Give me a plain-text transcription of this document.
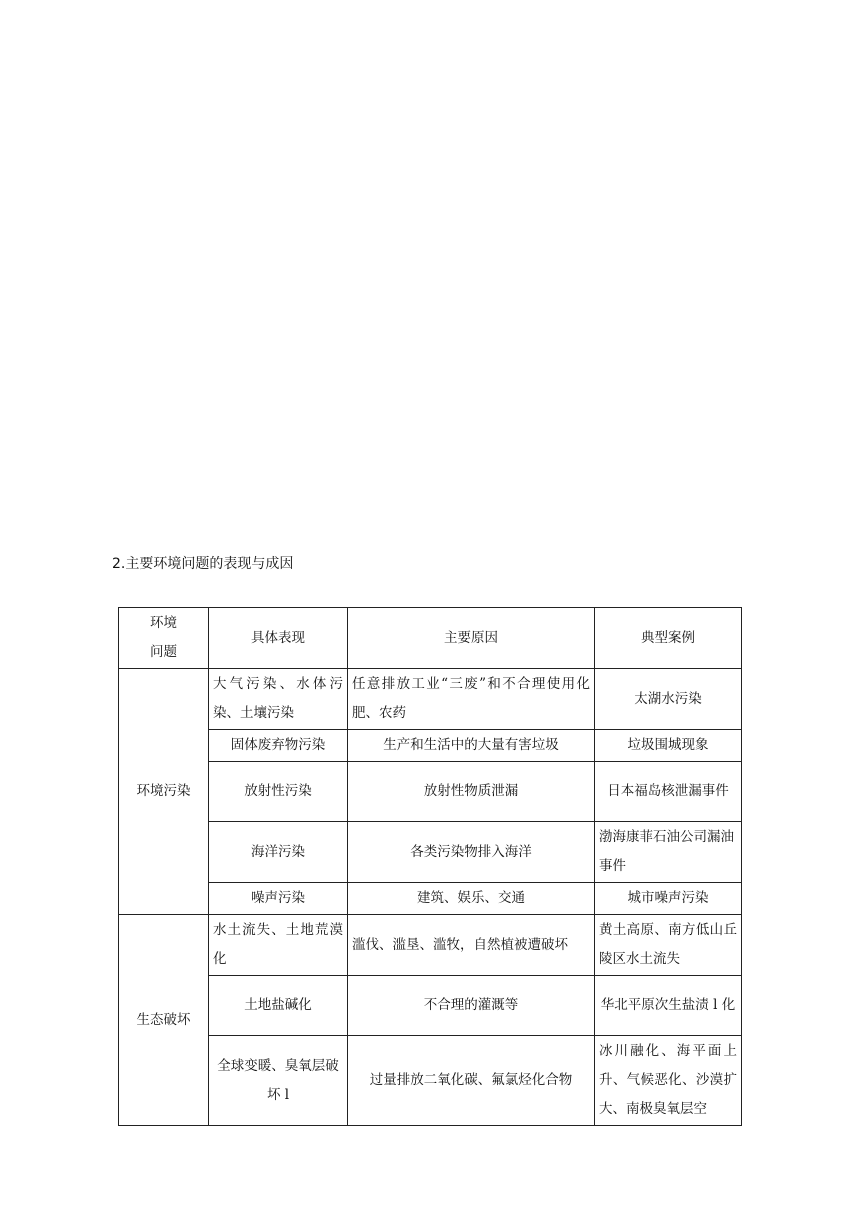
2.主要环境问题的表现与成因
环境
问题	具体表现	主要原因	典型案例
环境污染	大气污染、水体污染、土壤污染	任意排放工业“三废”和不合理使用化肥、农药	太湖水污染
	固体废弃物污染	生产和生活中的大量有害垃圾	垃圾围城现象
	放射性污染	放射性物质泄漏	日本福岛核泄漏事件
	海洋污染	各类污染物排入海洋	渤海康菲石油公司漏油事件
	噪声污染	建筑、娱乐、交通	城市噪声污染
生态破坏	水土流失、土地荒漠化	滥伐、滥垦、滥牧，自然植被遭破坏	黄土高原、南方低山丘陵区水土流失
	土地盐碱化	不合理的灌溉等	华北平原次生盐渍 l 化
	全球变暖、臭氧层破坏 l	过量排放二氧化碳、氟氯烃化合物	冰川融化、海平面上升、气候恶化、沙漠扩大、南极臭氧层空
